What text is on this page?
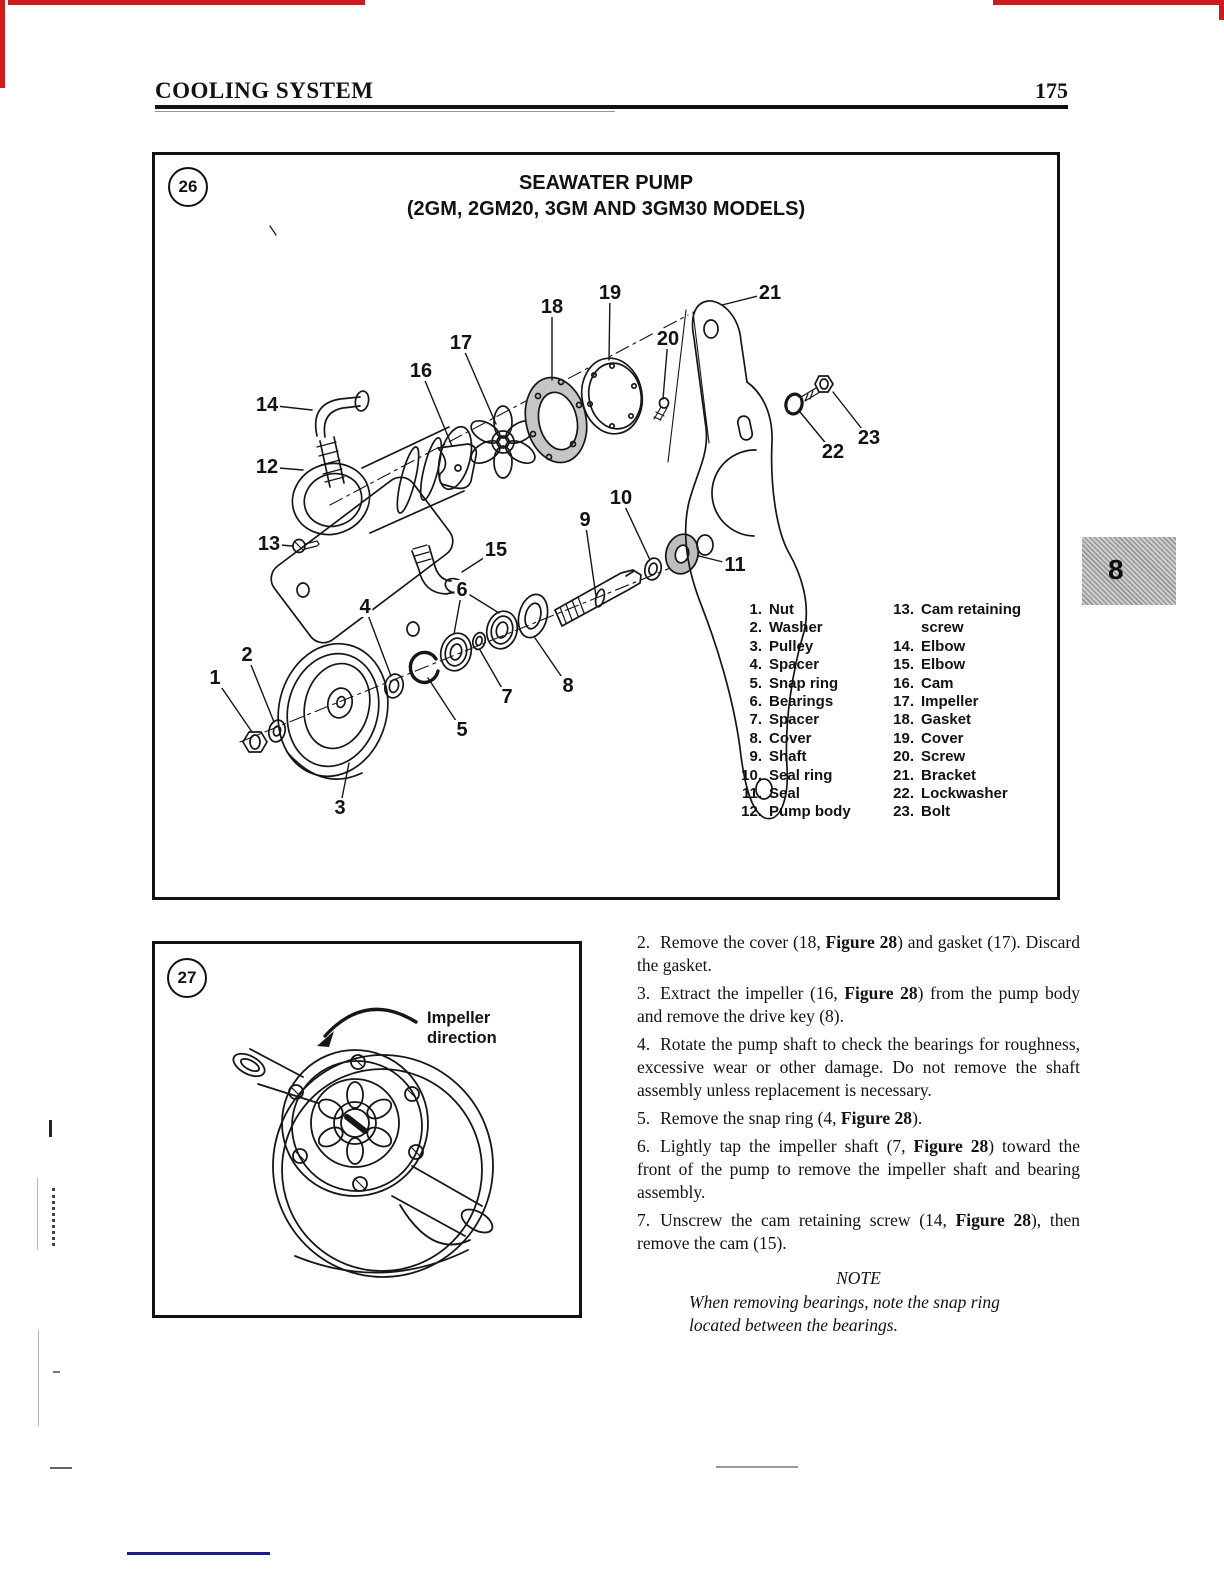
COOLING SYSTEM	175
26	SEAWATER PUMP
(2GM, 2GM20, 3GM AND 3GM30 MODELS)
1. Nut
2. Washer
3. Pulley
4. Spacer
5. Snap ring
6. Bearings
7. Spacer
8. Cover
9. Shaft
10. Seal ring
11. Seal
12. Pump body
13. Cam retaining screw
14. Elbow
15. Elbow
16. Cam
17. Impeller
18. Gasket
19. Cover
20. Screw
21. Bracket
22. Lockwasher
23. Bolt
1
2
3
4
5
6
7 8
9
10
11
12
13
14
15
16
17
18
19
20
21
22
23
27
Impeller
direction
2. Remove the cover (18, Figure 28) and gasket (17). Discard the gasket.
3. Extract the impeller (16, Figure 28) from the pump body and remove the drive key (8).
4. Rotate the pump shaft to check the bearings for roughness, excessive wear or other damage. Do not remove the shaft assembly unless replacement is necessary.
5. Remove the snap ring (4, Figure 28).
6. Lightly tap the impeller shaft (7, Figure 28) toward the front of the pump to remove the impeller shaft and bearing assembly.
7. Unscrew the cam retaining screw (14, Figure 28), then remove the cam (15).
NOTE
When removing bearings, note the snap ring located between the bearings.
8
